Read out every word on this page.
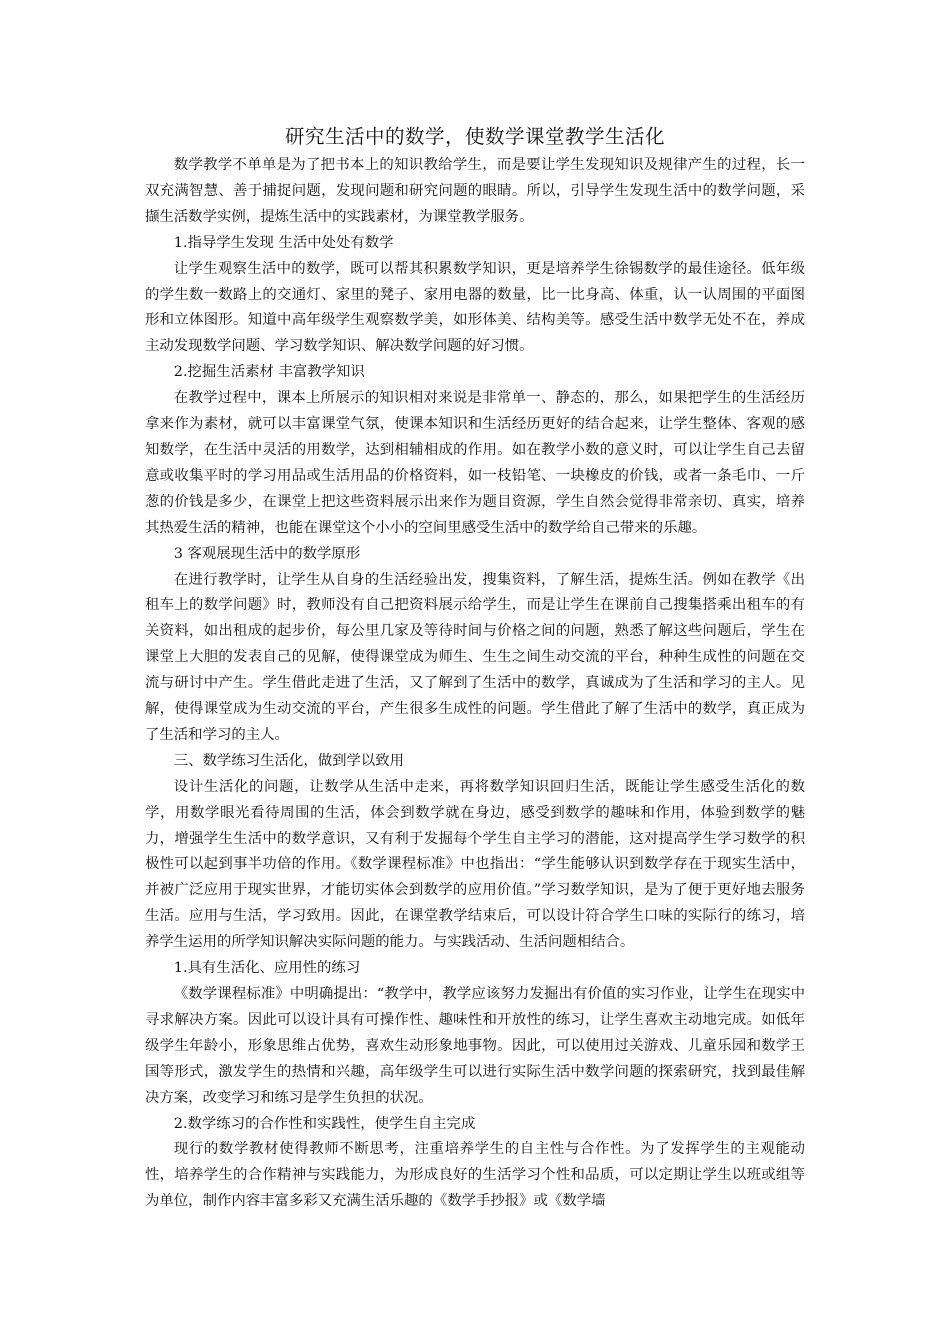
研究生活中的数学，使数学课堂教学生活化

数学教学不单单是为了把书本上的知识教给学生，而是要让学生发现知识及规律产生的过程，长一双充满智慧、善于捕捉问题，发现问题和研究问题的眼睛。所以，引导学生发现生活中的数学问题，采撷生活数学实例，提炼生活中的实践素材，为课堂教学服务。

1.指导学生发现 生活中处处有数学

让学生观察生活中的数学，既可以帮其积累数学知识，更是培养学生徐锡数学的最佳途径。低年级的学生数一数路上的交通灯、家里的凳子、家用电器的数量，比一比身高、体重，认一认周围的平面图形和立体图形。知道中高年级学生观察数学美，如形体美、结构美等。感受生活中数学无处不在，养成主动发现数学问题、学习数学知识、解决数学问题的好习惯。

2.挖掘生活素材 丰富教学知识

在教学过程中，课本上所展示的知识相对来说是非常单一、静态的，那么，如果把学生的生活经历拿来作为素材，就可以丰富课堂气氛，使课本知识和生活经历更好的结合起来，让学生整体、客观的感知数学，在生活中灵活的用数学，达到相辅相成的作用。如在教学小数的意义时，可以让学生自己去留意或收集平时的学习用品或生活用品的价格资料，如一枝铅笔、一块橡皮的价钱，或者一条毛巾、一斤葱的价钱是多少，在课堂上把这些资料展示出来作为题目资源，学生自然会觉得非常亲切、真实，培养其热爱生活的精神，也能在课堂这个小小的空间里感受生活中的数学给自己带来的乐趣。

3 客观展现生活中的数学原形

在进行教学时，让学生从自身的生活经验出发，搜集资料，了解生活，提炼生活。例如在教学《出租车上的数学问题》时，教师没有自己把资料展示给学生，而是让学生在课前自己搜集搭乘出租车的有关资料，如出租成的起步价，每公里几家及等待时间与价格之间的问题，熟悉了解这些问题后，学生在课堂上大胆的发表自己的见解，使得课堂成为师生、生生之间生动交流的平台，种种生成性的问题在交流与研讨中产生。学生借此走进了生活，又了解到了生活中的数学，真诚成为了生活和学习的主人。见解，使得课堂成为生动交流的平台，产生很多生成性的问题。学生借此了解了生活中的数学，真正成为了生活和学习的主人。

三、数学练习生活化，做到学以致用

设计生活化的问题，让数学从生活中走来，再将数学知识回归生活，既能让学生感受生活化的数学，用数学眼光看待周围的生活，体会到数学就在身边，感受到数学的趣味和作用，体验到数学的魅力，增强学生生活中的数学意识，又有利于发掘每个学生自主学习的潜能，这对提高学生学习数学的积极性可以起到事半功倍的作用。《数学课程标准》中也指出：“学生能够认识到数学存在于现实生活中，并被广泛应用于现实世界，才能切实体会到数学的应用价值。”学习数学知识，是为了便于更好地去服务生活。应用与生活，学习致用。因此，在课堂教学结束后，可以设计符合学生口味的实际行的练习，培养学生运用的所学知识解决实际问题的能力。与实践活动、生活问题相结合。

1.具有生活化、应用性的练习

《数学课程标准》中明确提出：“教学中，教学应该努力发掘出有价值的实习作业，让学生在现实中寻求解决方案。因此可以设计具有可操作性、趣味性和开放性的练习，让学生喜欢主动地完成。如低年级学生年龄小，形象思维占优势，喜欢生动形象地事物。因此，可以使用过关游戏、儿童乐园和数学王国等形式，激发学生的热情和兴趣，高年级学生可以进行实际生活中数学问题的探索研究，找到最佳解决方案，改变学习和练习是学生负担的状况。

2.数学练习的合作性和实践性，使学生自主完成

现行的数学教材使得教师不断思考，注重培养学生的自主性与合作性。为了发挥学生的主观能动性，培养学生的合作精神与实践能力，为形成良好的生活学习个性和品质，可以定期让学生以班或组等为单位，制作内容丰富多彩又充满生活乐趣的《数学手抄报》或《数学墙
